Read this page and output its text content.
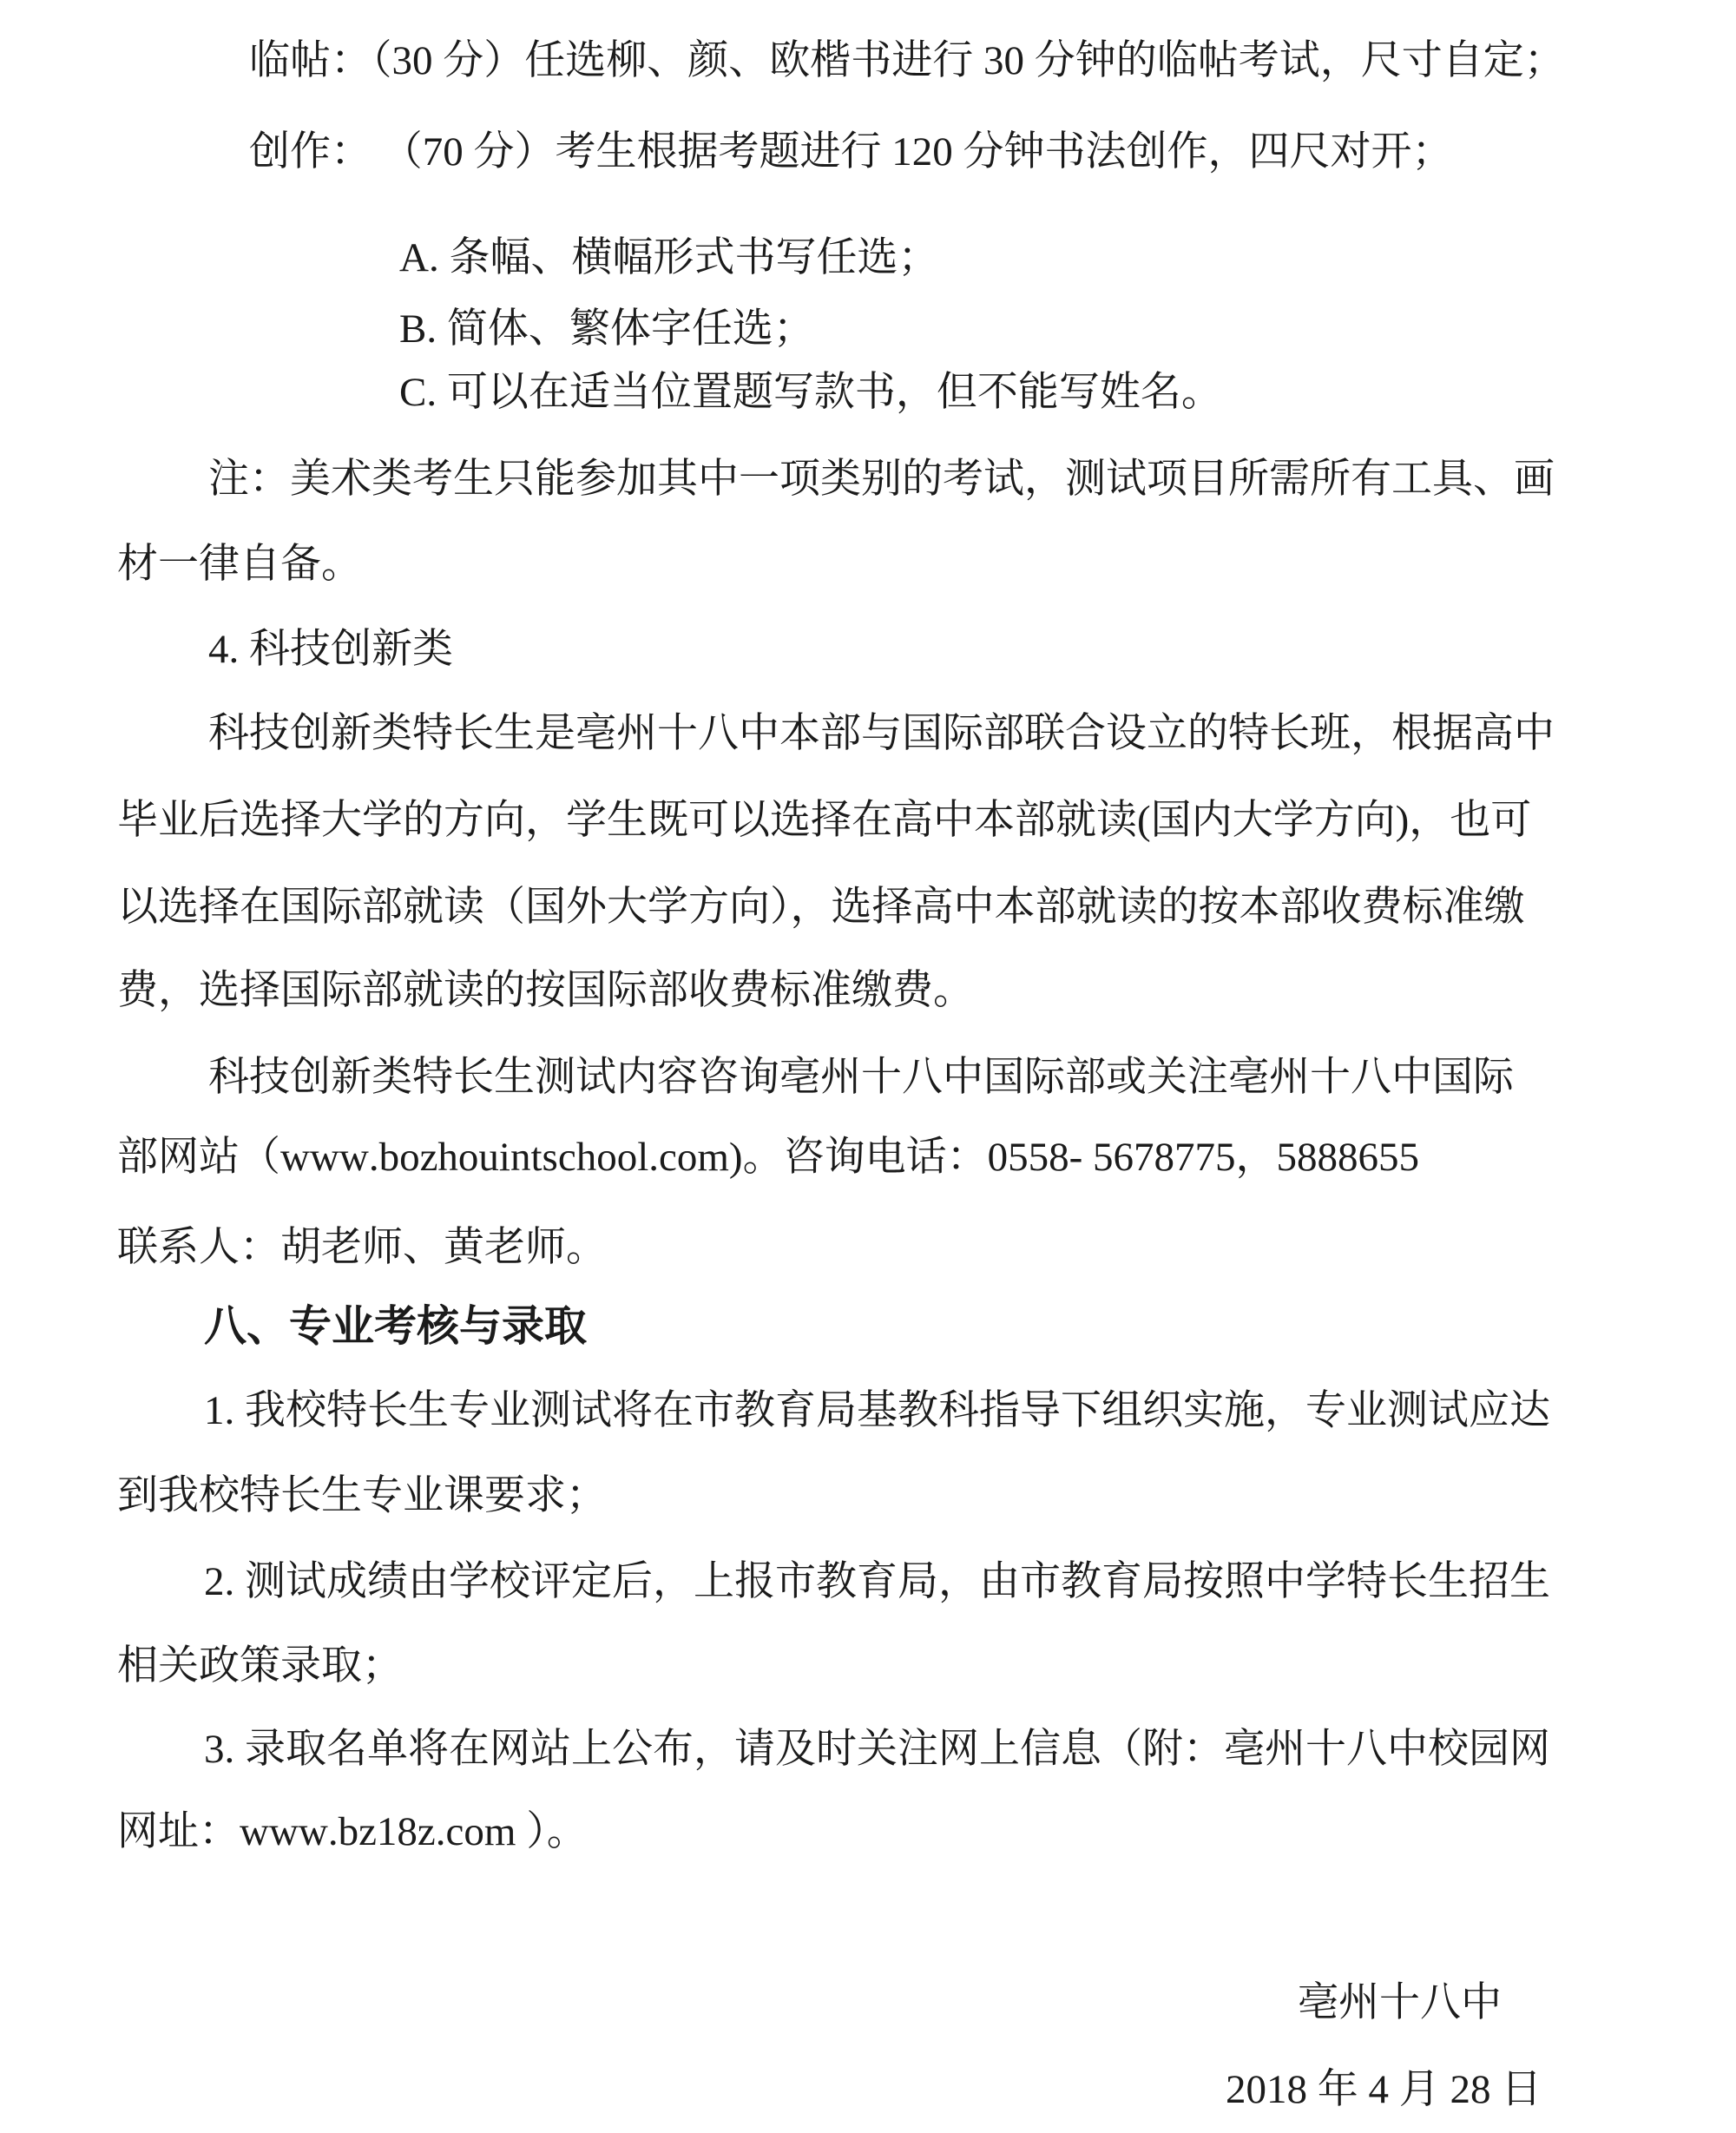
临帖：（30 分）任选柳、颜、欧楷书进行 30 分钟的临帖考试，尺寸自定；
创作： （70 分）考生根据考题进行 120 分钟书法创作，四尺对开；
A. 条幅、横幅形式书写任选；
B. 简体、繁体字任选；
C. 可以在适当位置题写款书，但不能写姓名。
注：美术类考生只能参加其中一项类别的考试，测试项目所需所有工具、画
材一律自备。
4. 科技创新类
科技创新类特长生是亳州十八中本部与国际部联合设立的特长班，根据高中
毕业后选择大学的方向，学生既可以选择在高中本部就读(国内大学方向)，也可
以选择在国际部就读（国外大学方向），选择高中本部就读的按本部收费标准缴
费，选择国际部就读的按国际部收费标准缴费。
科技创新类特长生测试内容咨询亳州十八中国际部或关注亳州十八中国际
部网站（www.bozhouintschool.com)。咨询电话：0558- 5678775，5888655
联系人：胡老师、黄老师。
八、专业考核与录取
1. 我校特长生专业测试将在市教育局基教科指导下组织实施，专业测试应达
到我校特长生专业课要求；
2. 测试成绩由学校评定后，上报市教育局，由市教育局按照中学特长生招生
相关政策录取；
3. 录取名单将在网站上公布，请及时关注网上信息（附：亳州十八中校园网
网址：www.bz18z.com ）。
亳州十八中
2018 年 4 月 28 日
